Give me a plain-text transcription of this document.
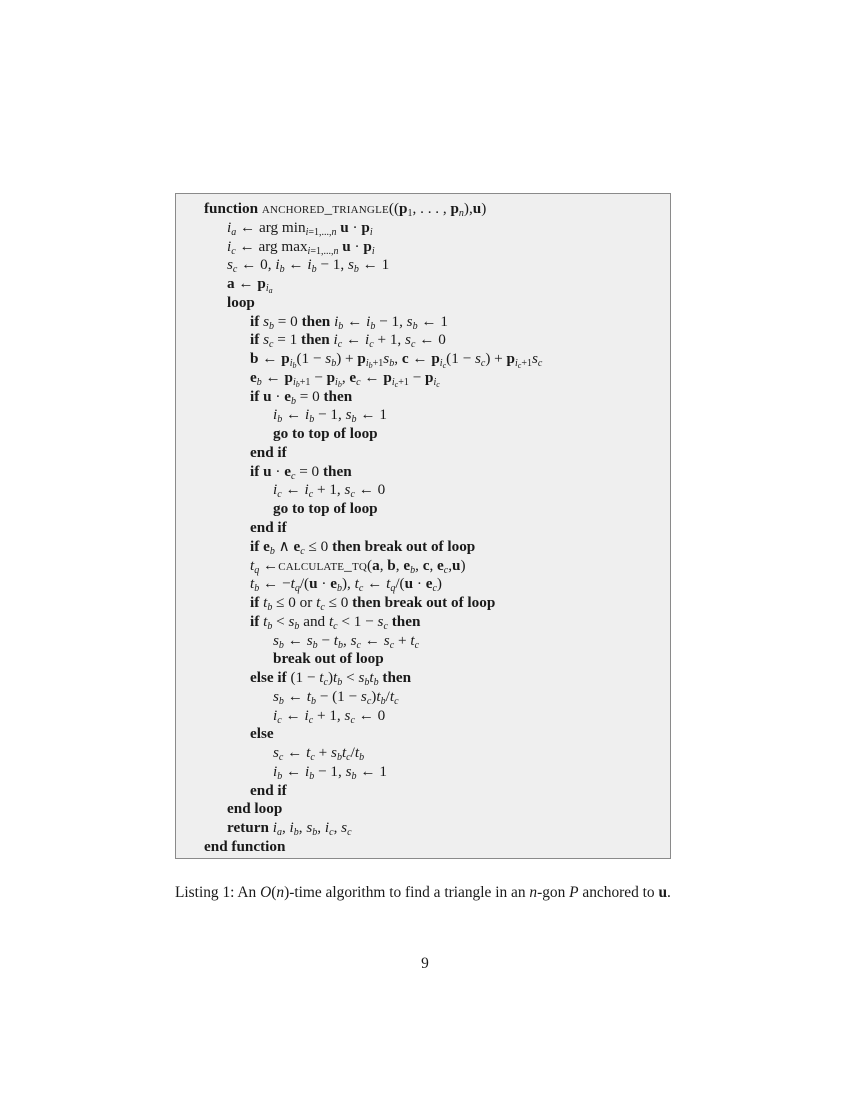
function $anchored\_triangle((p_1$, . . . , $p_n),u$)
$i_a$ ← arg $\min_{i=1,...,n} u \cdot p_i$
$i_c$ ← arg $\max_{i=1,...,n} u \cdot p_i$
$s_c$ ← 0, $i_b$ ← $i_b - 1$, $s_b$ ← 1
a ← $p_{i_a}$
loop
if $s_b = 0$ then $i_b$ ← $i_b - 1$, $s_b$ ← 1
if $s_c = 1$ then $i_c$ ← $i_c + 1$, $s_c$ ← 0
b ← $p_{i_b}(1 - s_b) + p_{i_b+1}s_b$, c ← $p_{i_c}(1 - s_c) + p_{i_c+1}s_c$
$e_b$ ← $p_{i_b+1} - p_{i_b}$, $e_c$ ← $p_{i_c+1} - p_{i_c}$
if $u \cdot e_b = 0$ then
$i_b$ ← $i_b - 1$, $s_b$ ← 1
go to top of loop
end if
if $u \cdot e_c = 0$ then
$i_c$ ← $i_c + 1$, $s_c$ ← 0
go to top of loop
end if
if $e_b$ ∧ $e_c \le 0$ then break out of loop
$t_q$ ←calculate_tq(a, b, $e_b$, c, $e_c,u$)
$t_b$ ← $-t_q/(u \cdot e_b)$, $t_c$ ← $t_q/(u \cdot e_c)$
if $t_b \le 0$ or $t_c \le 0$ then break out of loop
if $t_b < s_b$ and $t_c < 1 - s_c$ then
$s_b$ ← $s_b - t_b$, $s_c$ ← $s_c + t_c$
break out of loop
else if $(1 - t_c)t_b < s_bt_b$ then
$s_b$ ← $t_b - (1 - s_c)t_b/t_c$
$i_c$ ← $i_c + 1$, $s_c$ ← 0
else
$s_c$ ← $t_c + s_bt_c/t_b$
$i_b$ ← $i_b - 1$, $s_b$ ← 1
end if
end loop
return $i_a$, $i_b$, $s_b$, $i_c$, $s_c$
end function
Listing 1: An O(n)-time algorithm to find a triangle in an n-gon P anchored to u.
9
